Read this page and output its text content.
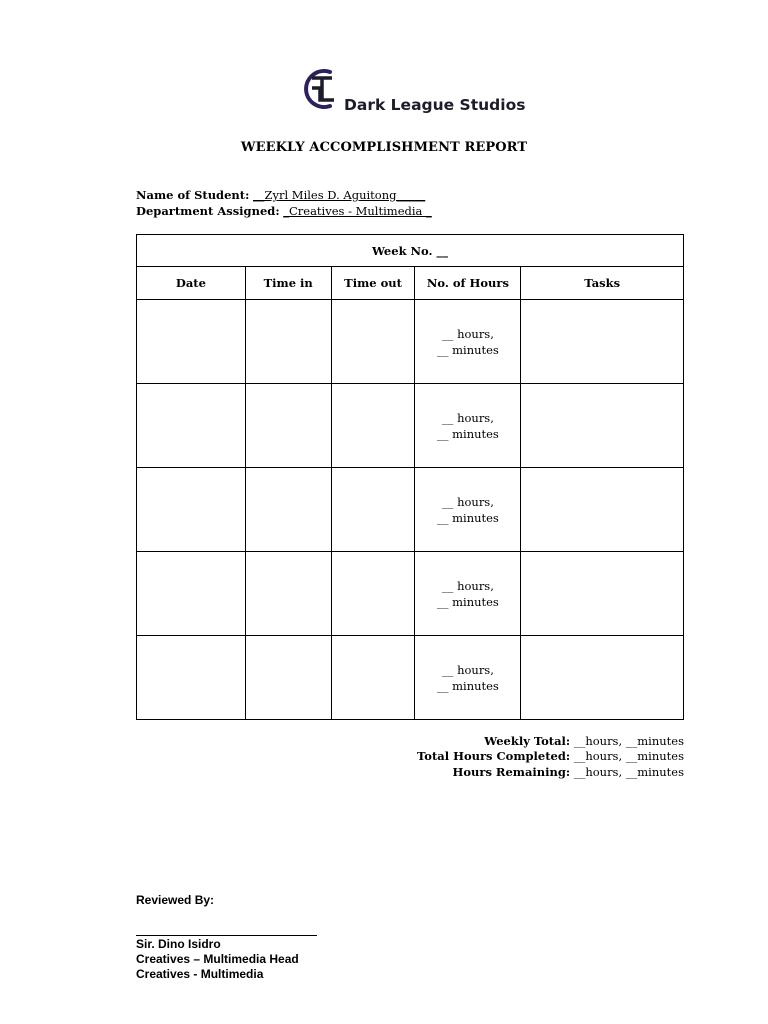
Dark League Studios
WEEKLY ACCOMPLISHMENT REPORT
Name of Student: __Zyrl Miles D. Aguitong_____
Department Assigned: _Creatives - Multimedia _
Week No. __				
Date	Time in	Time out	No. of Hours	Tasks
			__ hours,
__ minutes	
			__ hours,
__ minutes	
			__ hours,
__ minutes	
			__ hours,
__ minutes	
			__ hours,
__ minutes	
Weekly Total: __hours, __minutes
Total Hours Completed: __hours, __minutes
Hours Remaining: __hours, __minutes
Reviewed By:
Sir. Dino Isidro
Creatives – Multimedia Head
Creatives - Multimedia
